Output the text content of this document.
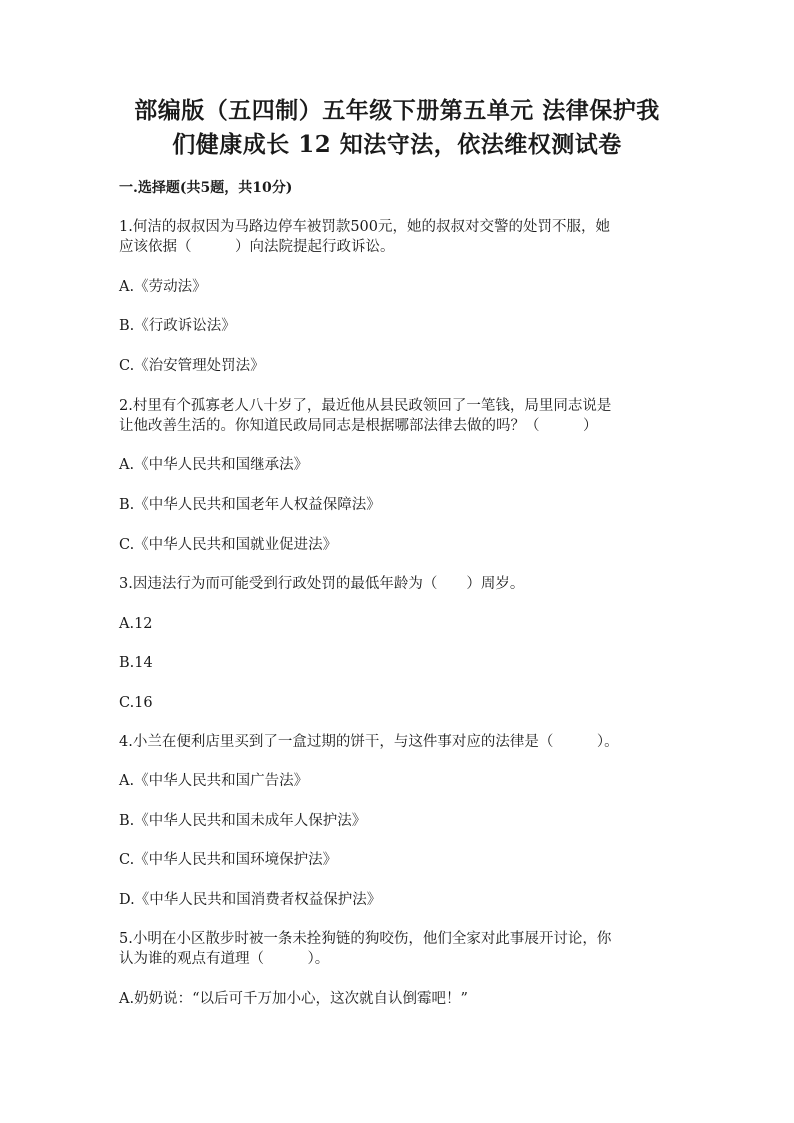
部编版（五四制）五年级下册第五单元 法律保护我
们健康成长 12 知法守法，依法维权测试卷
一.选择题(共5题，共10分)
1.何洁的叔叔因为马路边停车被罚款500元，她的叔叔对交警的处罚不服，她
应该依据（　　　）向法院提起行政诉讼。
A.《劳动法》
B.《行政诉讼法》
C.《治安管理处罚法》
2.村里有个孤寡老人八十岁了，最近他从县民政领回了一笔钱，局里同志说是
让他改善生活的。你知道民政局同志是根据哪部法律去做的吗？（　　　）
A.《中华人民共和国继承法》
B.《中华人民共和国老年人权益保障法》
C.《中华人民共和国就业促进法》
3.因违法行为而可能受到行政处罚的最低年龄为（　　）周岁。
A.12
B.14
C.16
4.小兰在便利店里买到了一盒过期的饼干，与这件事对应的法律是（　　　）。
A.《中华人民共和国广告法》
B.《中华人民共和国未成年人保护法》
C.《中华人民共和国环境保护法》
D.《中华人民共和国消费者权益保护法》
5.小明在小区散步时被一条未拴狗链的狗咬伤，他们全家对此事展开讨论，你
认为谁的观点有道理（　　　）。
A.奶奶说：“以后可千万加小心，这次就自认倒霉吧！”
